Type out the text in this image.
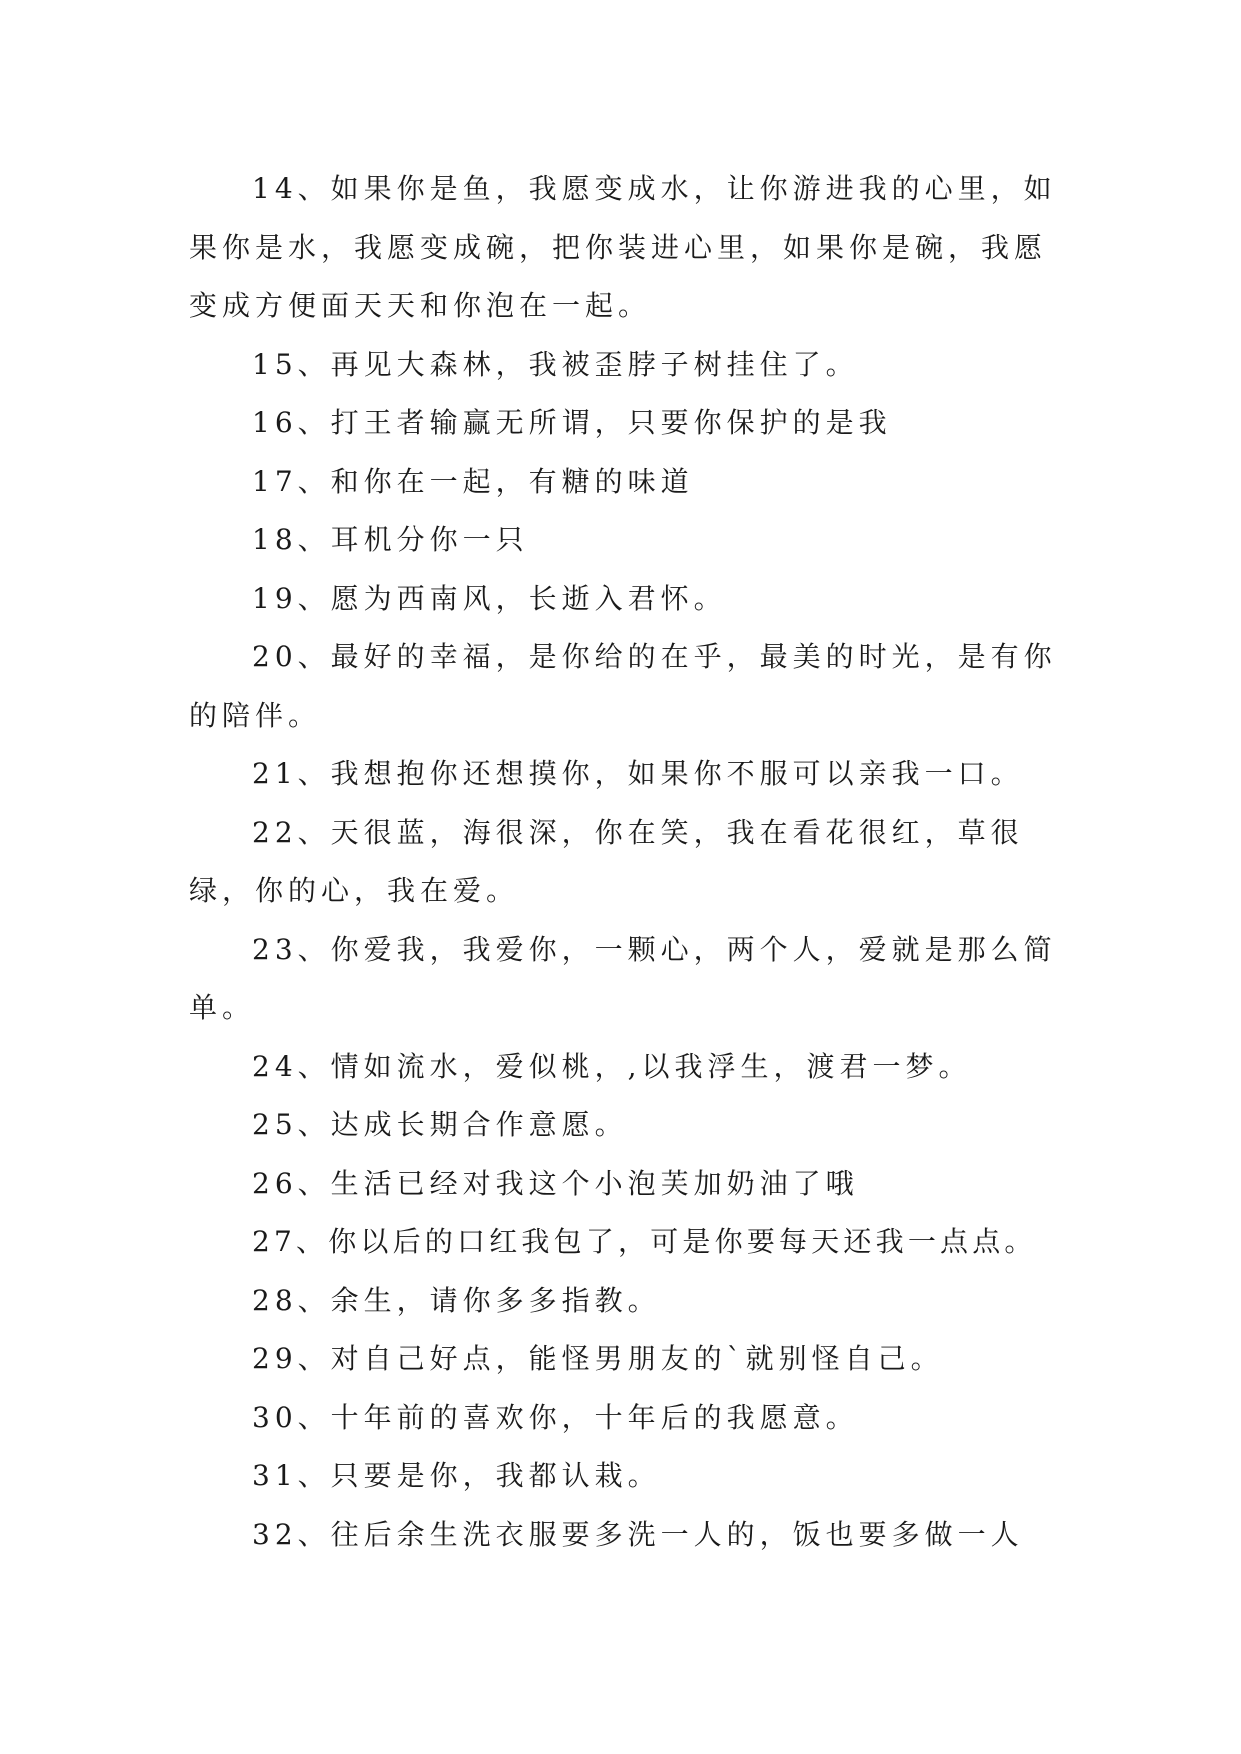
14、如果你是鱼，我愿变成水，让你游进我的心里，如果你是水，我愿变成碗，把你装进心里，如果你是碗，我愿变成方便面天天和你泡在一起。

15、再见大森林，我被歪脖子树挂住了。

16、打王者输赢无所谓，只要你保护的是我

17、和你在一起，有糖的味道

18、耳机分你一只

19、愿为西南风，长逝入君怀。

20、最好的幸福，是你给的在乎，最美的时光，是有你的陪伴。

21、我想抱你还想摸你，如果你不服可以亲我一口。

22、天很蓝，海很深，你在笑，我在看花很红，草很绿，你的心，我在爱。

23、你爱我，我爱你，一颗心，两个人，爱就是那么简单。

24、情如流水，爱似桃，,以我浮生，渡君一梦。

25、达成长期合作意愿。

26、生活已经对我这个小泡芙加奶油了哦

27、你以后的口红我包了，可是你要每天还我一点点。

28、余生，请你多多指教。

29、对自己好点，能怪男朋友的`就别怪自己。

30、十年前的喜欢你，十年后的我愿意。

31、只要是你，我都认栽。

32、往后余生洗衣服要多洗一人的，饭也要多做一人
